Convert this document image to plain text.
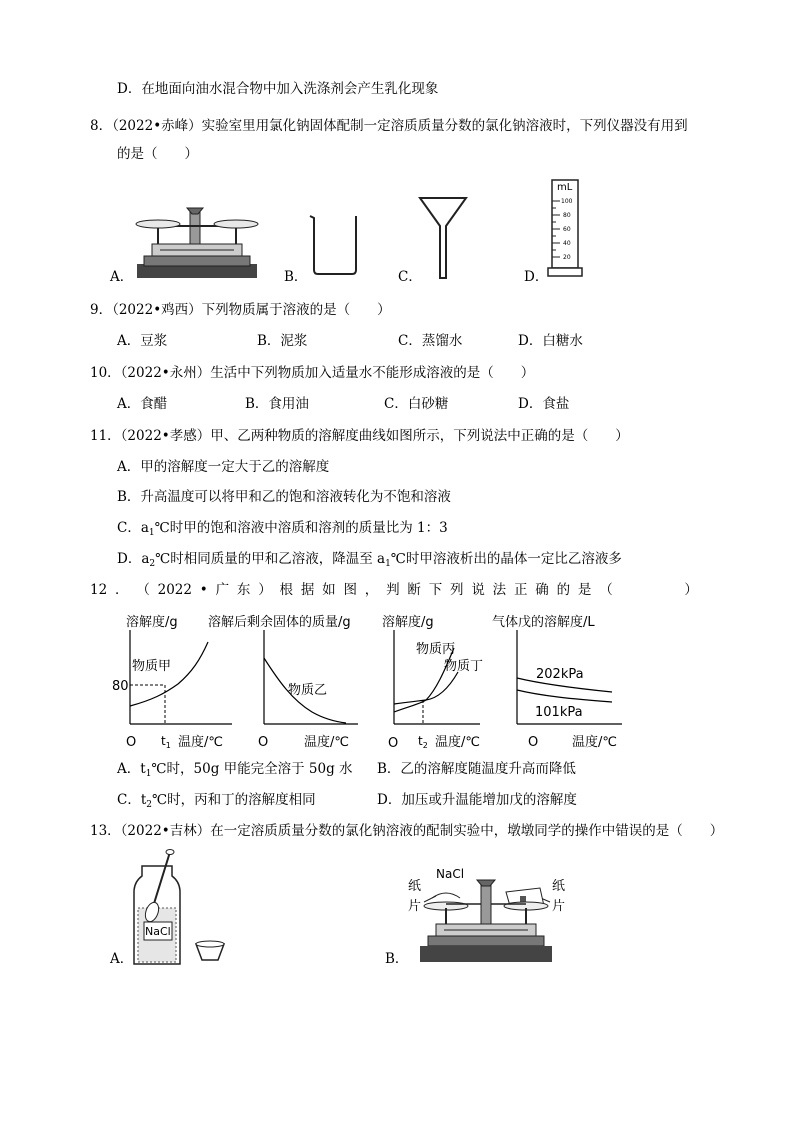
D．在地面向油水混合物中加入洗涤剂会产生乳化现象
8．（2022•赤峰）实验室里用氯化钠固体配制一定溶质质量分数的氯化钠溶液时，下列仪器没有用到
的是（　　）
A．	B．	C．	D．
mL
100
80
60
40
20
9．（2022•鸡西）下列物质属于溶液的是（　　）
A．豆浆	B．泥浆	C．蒸馏水	D．白糖水
10．（2022•永州）生活中下列物质加入适量水不能形成溶液的是（　　）
A．食醋	B．食用油	C．白砂糖	D．食盐
11．（2022•孝感）甲、乙两种物质的溶解度曲线如图所示，下列说法中正确的是（　　）
A．甲的溶解度一定大于乙的溶解度
B．升高温度可以将甲和乙的饱和溶液转化为不饱和溶液
C．$a_1℃$时甲的饱和溶液中溶质和溶剂的质量比为 1：3
D．$a_2℃$时相同质量的甲和乙溶液，降温至 $a_1℃$时甲溶液析出的晶体一定比乙溶液多
12 ． （ 2022 • 广 东 ） 根 据 如 图 ， 判 断 下 列 说 法 正 确 的 是 （	）
溶解度/g
物质甲
80
O $t_1$ 温度/℃
溶解后剩余固体的质量/g
物质乙
O	温度/℃
溶解度/g
物质丙
物质丁
O $t_2$ 温度/℃
气体戊的溶解度/L
202kPa
101kPa
O	温度/℃
A．$t_1℃$时，50g 甲能完全溶于 50g 水 B．乙的溶解度随温度升高而降低
C．$t_2℃$时，丙和丁的溶解度相同	D．加压或升温能增加戊的溶解度
13．（2022•吉林）在一定溶质质量分数的氯化钠溶液的配制实验中，墩墩同学的操作中错误的是（　　）
A．
NaCl
B．
NaCl
纸
片
纸
片
